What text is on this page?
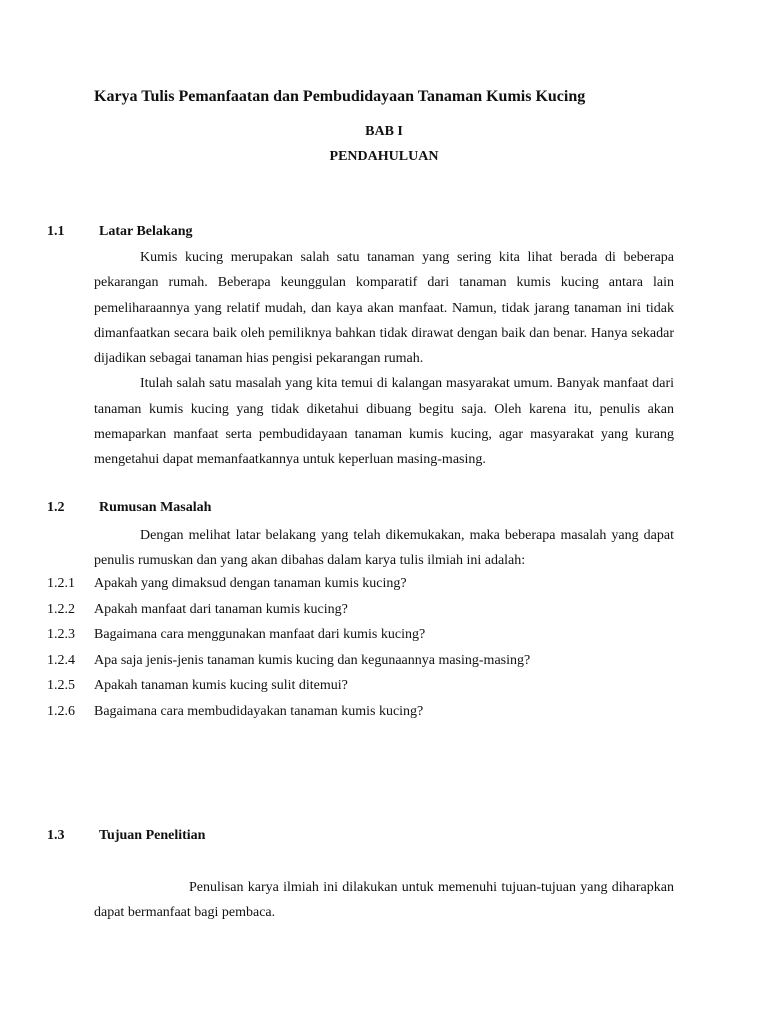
Karya Tulis Pemanfaatan dan Pembudidayaan Tanaman Kumis Kucing
BAB I
PENDAHULUAN
1.1 Latar Belakang

Kumis kucing merupakan salah satu tanaman yang sering kita lihat berada di beberapa pekarangan rumah. Beberapa keunggulan komparatif dari tanaman kumis kucing antara lain pemeliharaannya yang relatif mudah, dan kaya akan manfaat. Namun, tidak jarang tanaman ini tidak dimanfaatkan secara baik oleh pemiliknya bahkan tidak dirawat dengan baik dan benar. Hanya sekadar dijadikan sebagai tanaman hias pengisi pekarangan rumah.

Itulah salah satu masalah yang kita temui di kalangan masyarakat umum. Banyak manfaat dari tanaman kumis kucing yang tidak diketahui dibuang begitu saja. Oleh karena itu, penulis akan memaparkan manfaat serta pembudidayaan tanaman kumis kucing, agar masyarakat yang kurang mengetahui dapat memanfaatkannya untuk keperluan masing-masing.

1.2 Rumusan Masalah

Dengan melihat latar belakang yang telah dikemukakan, maka beberapa masalah yang dapat penulis rumuskan dan yang akan dibahas dalam karya tulis ilmiah ini adalah:

1.2.1 Apakah yang dimaksud dengan tanaman kumis kucing?
1.2.2 Apakah manfaat dari tanaman kumis kucing?
1.2.3 Bagaimana cara menggunakan manfaat dari kumis kucing?
1.2.4 Apa saja jenis-jenis tanaman kumis kucing dan kegunaannya masing-masing?
1.2.5 Apakah tanaman kumis kucing sulit ditemui?
1.2.6 Bagaimana cara membudidayakan tanaman kumis kucing?
1.3 Tujuan Penelitian

Penulisan karya ilmiah ini dilakukan untuk memenuhi tujuan-tujuan yang diharapkan dapat bermanfaat bagi pembaca.
